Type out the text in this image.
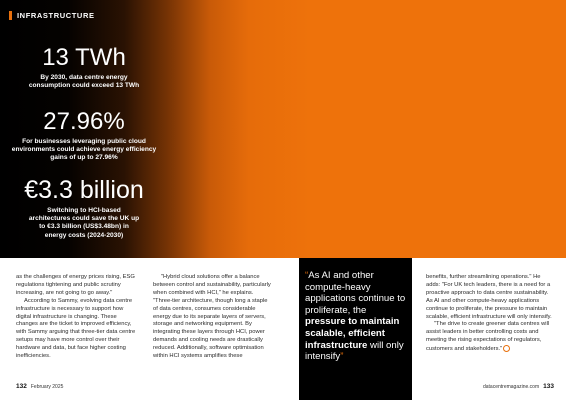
INFRASTRUCTURE
13 TWh
By 2030, data centre energy consumption could exceed 13 TWh
27.96%
For businesses leveraging public cloud environments could achieve energy efficiency gains of up to 27.96%
€3.3 billion
Switching to HCI-based architectures could save the UK up to €3.3 billion (US$3.48bn) in energy costs (2024-2030)

as the challenges of energy prices rising, ESG regulations tightening and public scrutiny increasing, are not going to go away."

According to Sammy, evolving data centre infrastructure is necessary to support how digital infrastructure is changing. These changes are the ticket to improved efficiency, with Sammy arguing that three-tier data centre setups may have more control over their hardware and data, but face higher costing inefficiencies.

"Hybrid cloud solutions offer a balance between control and sustainability, particularly when combined with HCI," he explains. "Three-tier architecture, though long a staple of data centres, consumes considerable energy due to its separate layers of servers, storage and networking equipment. By integrating these layers through HCI, power demands and cooling needs are drastically reduced. Additionally, software optimisation within HCI systems amplifies these

“As AI and other compute-heavy applications continue to proliferate, the pressure to maintain scalable, efficient infrastructure will only intensify”

benefits, further streamlining operations." He adds: "For UK tech leaders, there is a need for a proactive approach to data centre sustainability. As AI and other compute-heavy applications continue to proliferate, the pressure to maintain scalable, efficient infrastructure will only intensify.

"The drive to create greener data centres will assist leaders in better controlling costs and meeting the rising expectations of regulators, customers and stakeholders."

132 February 2025	datacentremagazine.com 133
